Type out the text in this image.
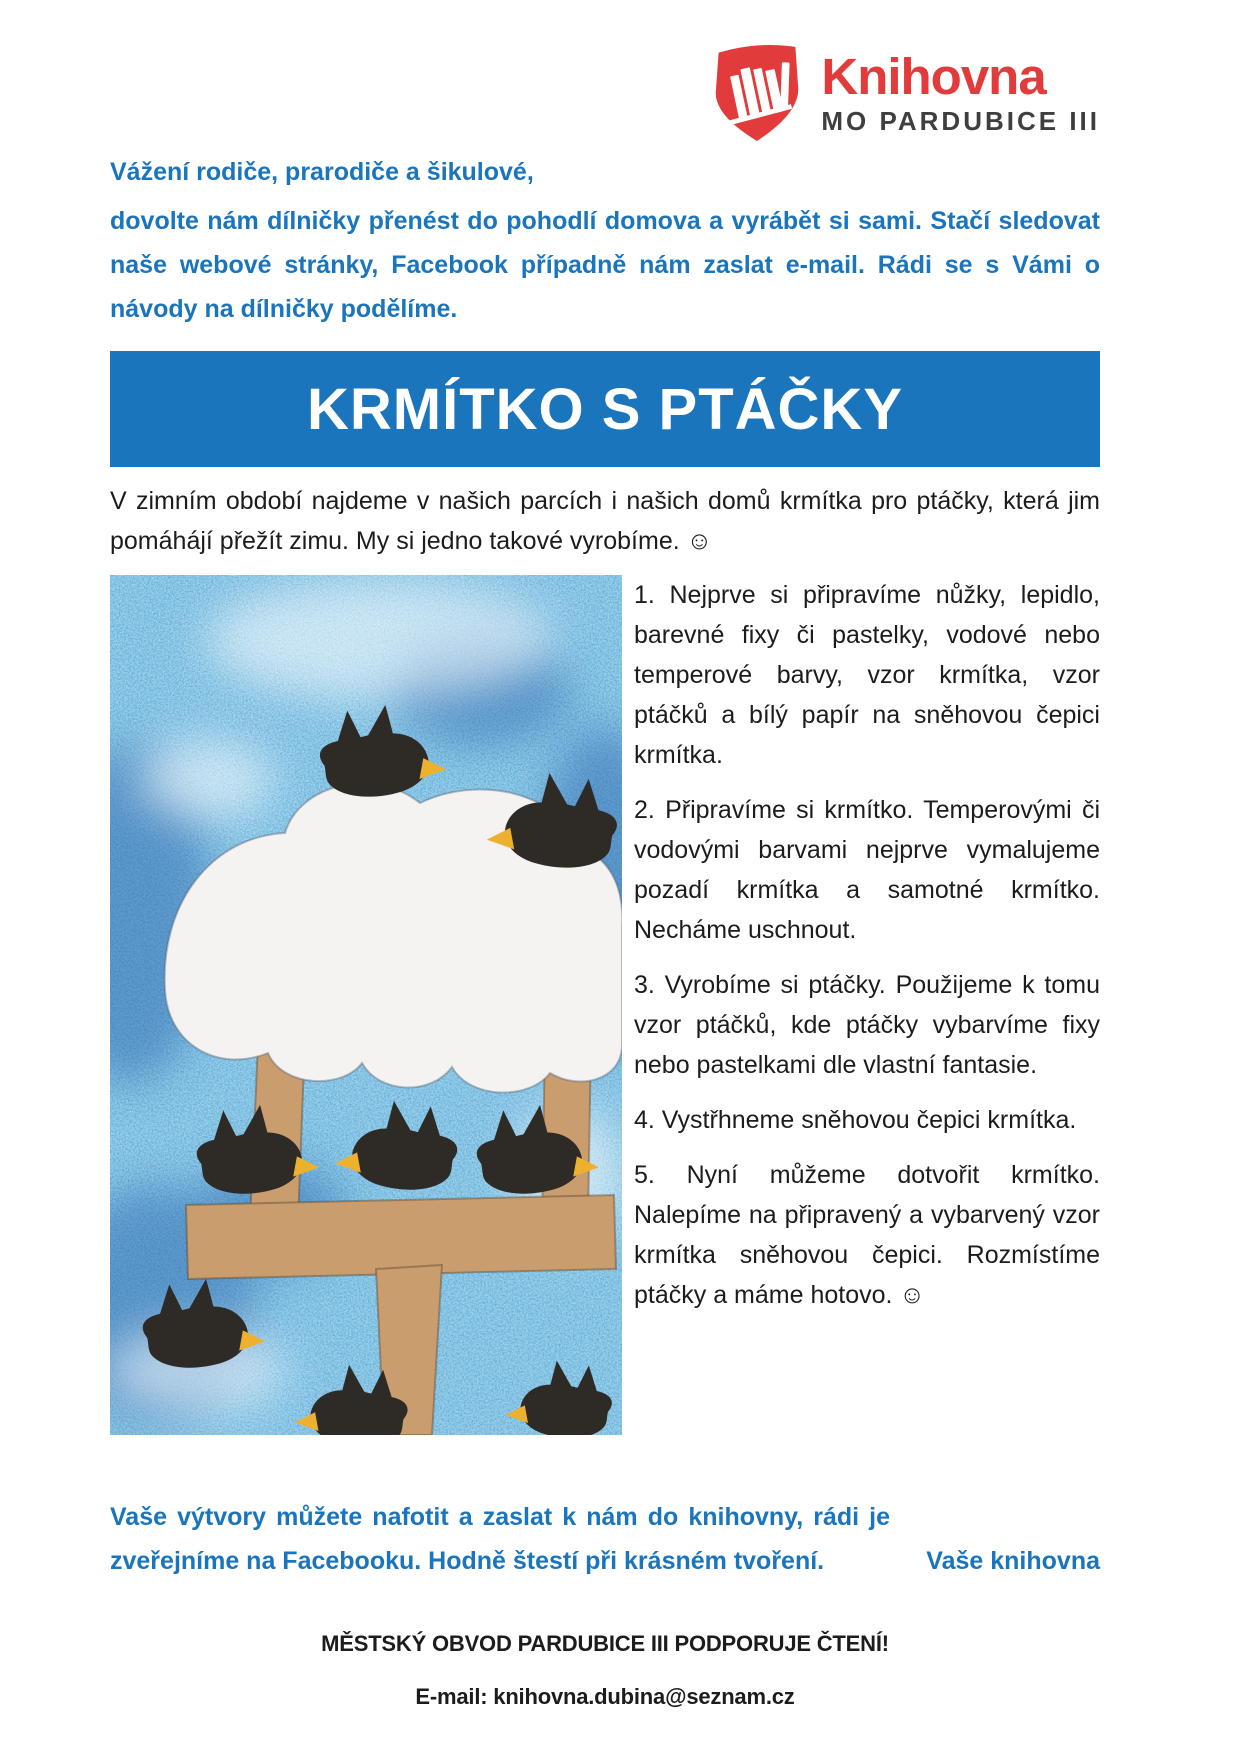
Knihovna
MO PARDUBICE III
Vážení rodiče, prarodiče a šikulové,
dovolte nám dílničky přenést do pohodlí domova a vyrábět si sami. Stačí sledovat naše webové stránky, Facebook případně nám zaslat e-mail. Rádi se s Vámi o návody na dílničky podělíme.
KRMÍTKO S PTÁČKY
V zimním období najdeme v našich parcích i našich domů krmítka pro ptáčky, která jim pomáhájí přežít zimu. My si jedno takové vyrobíme. ☺

1. Nejprve si připravíme nůžky, lepidlo, barevné fixy či pastelky, vodové nebo temperové barvy, vzor krmítka, vzor ptáčků a bílý papír na sněhovou čepici krmítka.

2. Připravíme si krmítko. Temperovými či vodovými barvami nejprve vymalujeme pozadí krmítka a samotné krmítko. Necháme uschnout.

3. Vyrobíme si ptáčky. Použijeme k tomu vzor ptáčků, kde ptáčky vybarvíme fixy nebo pastelkami dle vlastní fantasie.

4. Vystřhneme sněhovou čepici krmítka.

5. Nyní můžeme dotvořit krmítko. Nalepíme na připravený a vybarvený vzor krmítka sněhovou čepici. Rozmístíme ptáčky a máme hotovo. ☺

Vaše výtvory můžete nafotit a zaslat k nám do knihovny, rádi je zveřejníme na Facebooku. Hodně štestí při krásném tvoření.	Vaše knihovna
MĚSTSKÝ OBVOD PARDUBICE III PODPORUJE ČTENÍ!
E-mail: knihovna.dubina@seznam.cz
